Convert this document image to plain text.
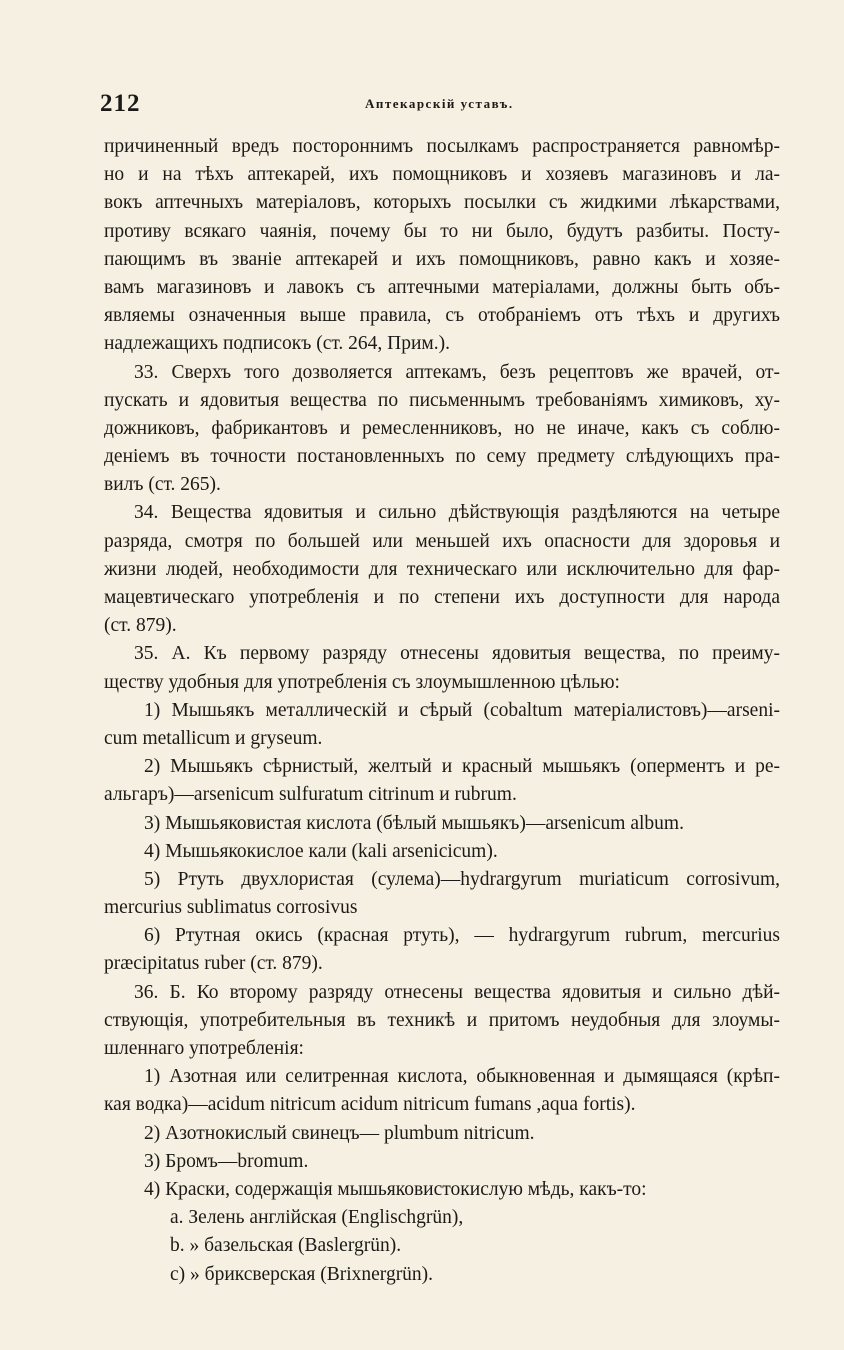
212	Аптекарскій уставъ.
причиненный вредъ постороннимъ посылкамъ распространяется равномѣр-
но и на тѣхъ аптекарей, ихъ помощниковъ и хозяевъ магазиновъ и ла-
вокъ аптечныхъ матеріаловъ, которыхъ посылки съ жидкими лѣкарствами,
противу всякаго чаянія, почему бы то ни было, будутъ разбиты. Посту-
пающимъ въ званіе аптекарей и ихъ помощниковъ, равно какъ и хозяе-
вамъ магазиновъ и лавокъ съ аптечными матеріалами, должны быть объ-
являемы означенныя выше правила, съ отобраніемъ отъ тѣхъ и другихъ
надлежащихъ подписокъ (ст. 264, Прим.).
33. Сверхъ того дозволяется аптекамъ, безъ рецептовъ же врачей, от-
пускать и ядовитыя вещества по письменнымъ требованіямъ химиковъ, ху-
дожниковъ, фабрикантовъ и ремесленниковъ, но не иначе, какъ съ соблю-
деніемъ въ точности постановленныхъ по сему предмету слѣдующихъ пра-
вилъ (ст. 265).
34. Вещества ядовитыя и сильно дѣйствующія раздѣляются на четыре
разряда, смотря по большей или меньшей ихъ опасности для здоровья и
жизни людей, необходимости для техническаго или исключительно для фар-
мацевтическаго употребленія и по степени ихъ доступности для народа
(ст. 879).
35. А. Къ первому разряду отнесены ядовитыя вещества, по преиму-
ществу удобныя для употребленія съ злоумышленною цѣлью:
1) Мышьякъ металлическій и сѣрый (cobaltum матеріалистовъ)—arseni-
cum metallicum и gryseum.
2) Мышьякъ сѣрнистый, желтый и красный мышьякъ (оперментъ и ре-
альгаръ)—arsenicum sulfuratum citrinum и rubrum.
3) Мышьяковистая кислота (бѣлый мышьякъ)—arsenicum album.
4) Мышьякокислое кали (kali arsenicicum).
5) Ртуть двухлористая (сулема)—hydrargyrum muriaticum corrosivum,
mercurius sublimatus corrosivus
6) Ртутная окись (красная ртуть), — hydrargyrum rubrum, mercurius
præcipitatus ruber (ст. 879).
36. Б. Ко второму разряду отнесены вещества ядовитыя и сильно дѣй-
ствующія, употребительныя въ техникѣ и притомъ неудобныя для злоумы-
шленнаго употребленія:
1) Азотная или селитренная кислота, обыкновенная и дымящаяся (крѣп-
кая водка)—acidum nitricum acidum nitricum fumans ,aqua fortis).
2) Азотнокислый свинецъ— plumbum nitricum.
3) Бромъ—bromum.
4) Краски, содержащія мышьяковистокислую мѣдь, какъ-то:
a. Зелень англійская (Englischgrün),
b. » базельская (Baslergrün).
c) » бриксверская (Brixnergrün).
